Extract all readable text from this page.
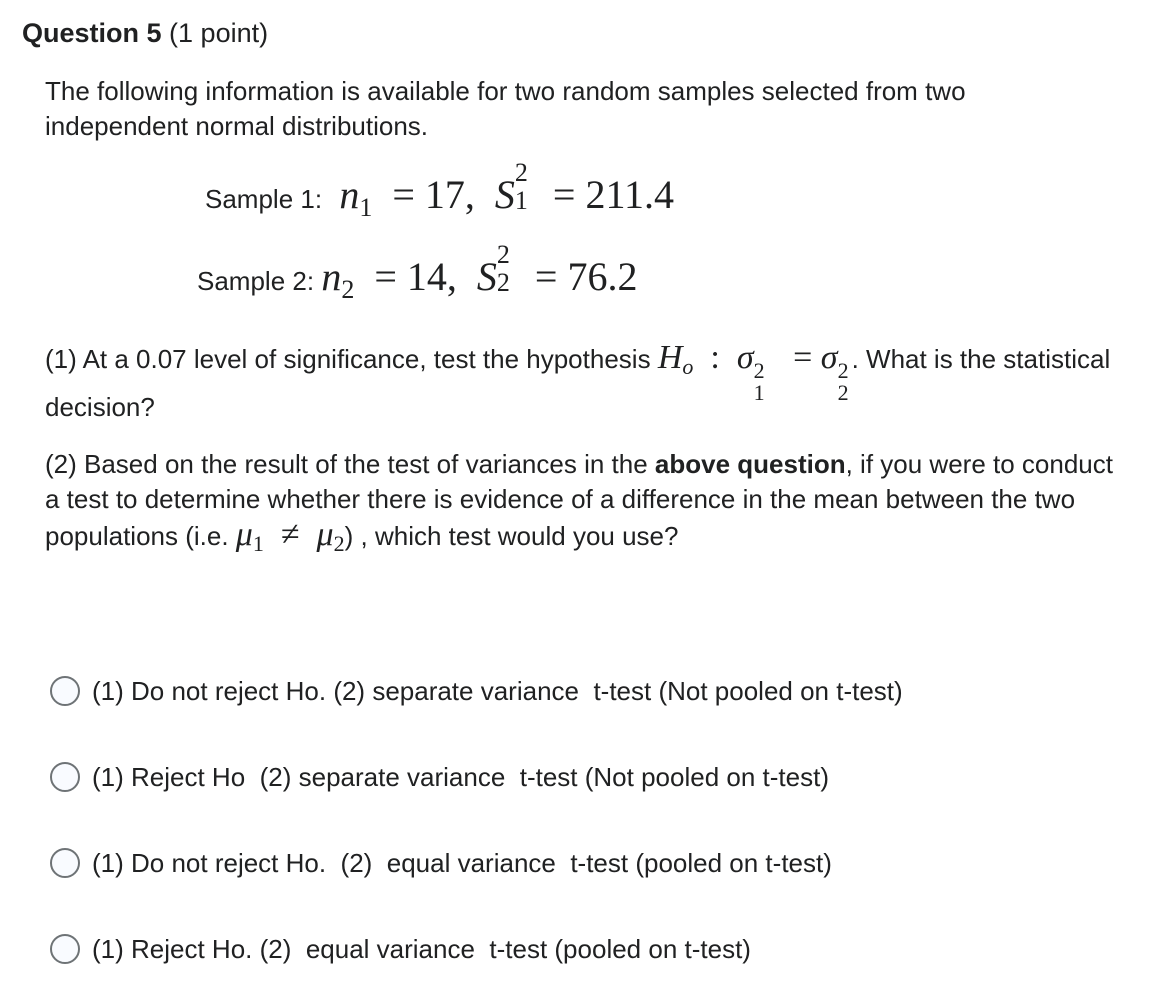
Question 5 (1 point)
The following information is available for two random samples selected from two independent normal distributions.
Sample 1: $n_1 = 17$, S 2
1 = 211.4
Sample 2: $n_2 = 14$, S 2
2 = 76.2
(1) At a 0.07 level of significance, test the hypothesis Ho : σ 2
1
= σ 2
2
. What is the statistical decision?
(2) Based on the result of the test of variances in the above question, if you were to conduct a test to determine whether there is evidence of a difference in the mean between the two populations (i.e. μ1 ≠ μ2) , which test would you use?
(1) Do not reject Ho. (2) separate variance  t-test (Not pooled on t-test)
(1) Reject Ho  (2) separate variance  t-test (Not pooled on t-test)
(1) Do not reject Ho.  (2)  equal variance  t-test (pooled on t-test)
(1) Reject Ho. (2)  equal variance  t-test (pooled on t-test)
